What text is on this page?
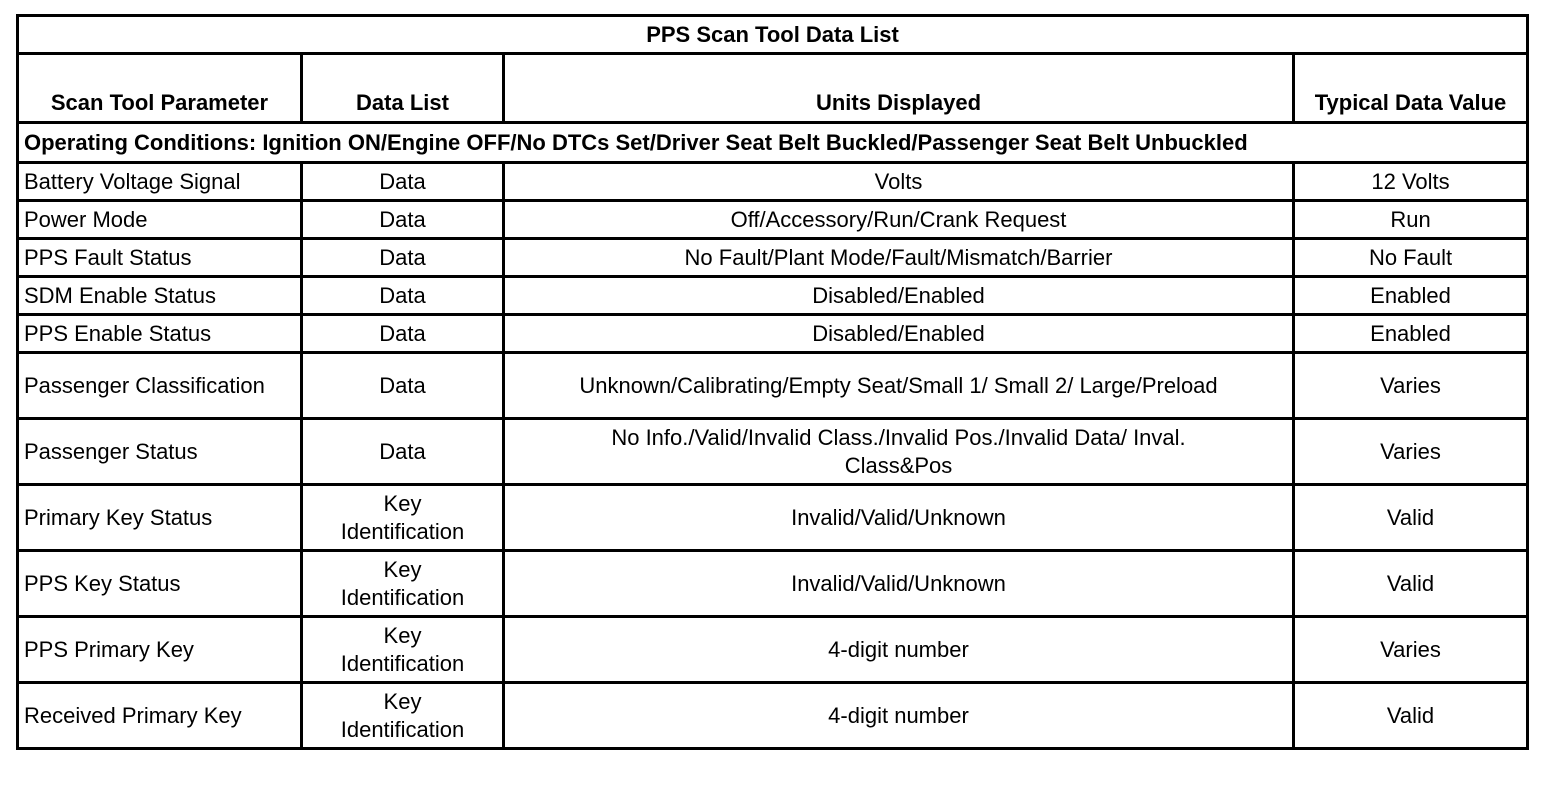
PPS Scan Tool Data List			
Scan Tool Parameter	Data List	Units Displayed	Typical Data Value
Operating Conditions: Ignition ON/Engine OFF/No DTCs Set/Driver Seat Belt Buckled/Passenger Seat Belt Unbuckled			
Battery Voltage Signal	Data	Volts	12 Volts
Power Mode	Data	Off/Accessory/Run/Crank Request	Run
PPS Fault Status	Data	No Fault/Plant Mode/Fault/Mismatch/Barrier	No Fault
SDM Enable Status	Data	Disabled/Enabled	Enabled
PPS Enable Status	Data	Disabled/Enabled	Enabled
Passenger Classification	Data	Unknown/Calibrating/Empty Seat/Small 1/ Small 2/ Large/Preload	Varies
Passenger Status	Data	No Info./Valid/Invalid Class./Invalid Pos./Invalid Data/ Inval. Class&Pos	Varies
Primary Key Status	Key Identification	Invalid/Valid/Unknown	Valid
PPS Key Status	Key Identification	Invalid/Valid/Unknown	Valid
PPS Primary Key	Key Identification	4-digit number	Varies
Received Primary Key	Key Identification	4-digit number	Valid
